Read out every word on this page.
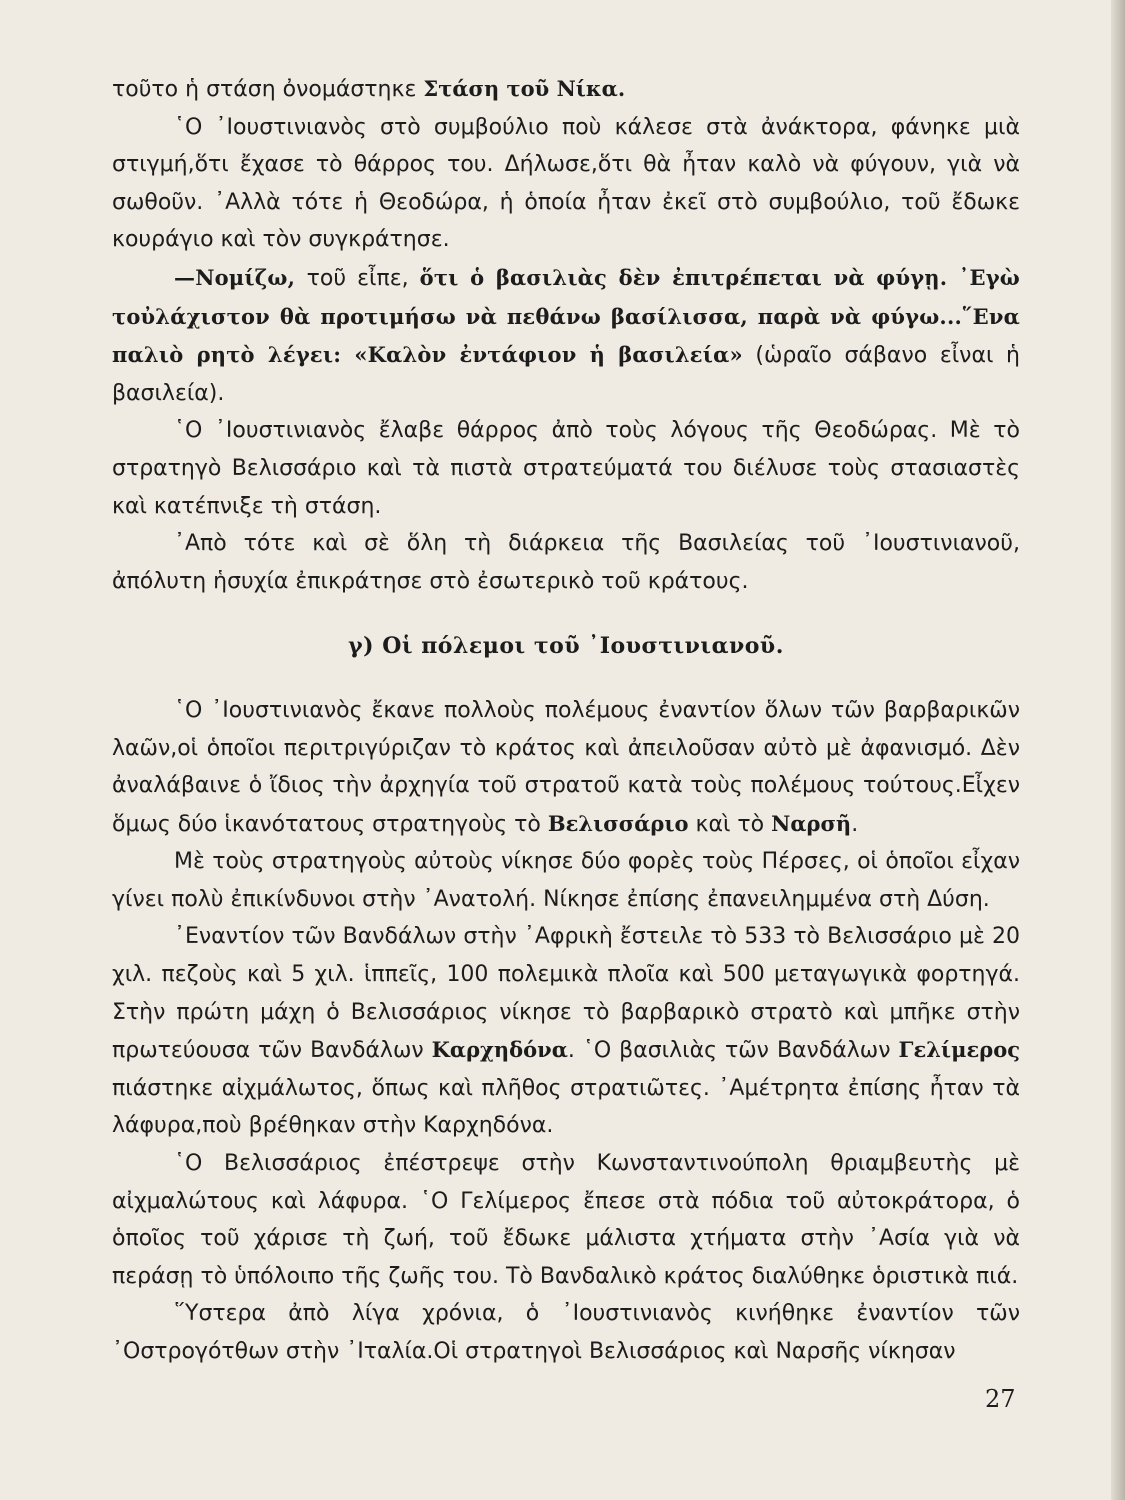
τοῦτο ἡ στάση ὀνομάστηκε Στάση τοῦ Νίκα.

῾Ο ᾿Ιουστινιανὸς στὸ συμβούλιο ποὺ κάλεσε στὰ ἀνάκτορα, φάνηκε μιὰ στιγμή,ὅτι ἔχασε τὸ θάρρος του. Δήλωσε,ὅτι θὰ ἦταν καλὸ νὰ φύγουν, γιὰ νὰ σωθοῦν. ᾿Αλλὰ τότε ἡ Θεοδώρα, ἡ ὁποία ἦταν ἐκεῖ στὸ συμβούλιο, τοῦ ἔδωκε κουράγιο καὶ τὸν συγκράτησε.

—Νομίζω, τοῦ εἶπε, ὅτι ὁ βασιλιὰς δὲν ἐπιτρέπεται νὰ φύγῃ. ᾿Εγὼ τοὐλάχιστον θὰ προτιμήσω νὰ πεθάνω βασίλισσα, παρὰ νὰ φύγω...῞Ενα παλιὸ ρητὸ λέγει: «Καλὸν ἐντάφιον ἡ βασιλεία» (ὡραῖο σάβανο εἶναι ἡ βασιλεία).

῾Ο ᾿Ιουστινιανὸς ἔλαβε θάρρος ἀπὸ τοὺς λόγους τῆς Θεοδώρας. Μὲ τὸ στρατηγὸ Βελισσάριο καὶ τὰ πιστὰ στρατεύματά του διέλυσε τοὺς στασιαστὲς καὶ κατέπνιξε τὴ στάση.

᾿Απὸ τότε καὶ σὲ ὅλη τὴ διάρκεια τῆς Βασιλείας τοῦ ᾿Ιουστινιανοῦ, ἀπόλυτη ἡσυχία ἐπικράτησε στὸ ἐσωτερικὸ τοῦ κράτους.

γ) Οἱ πόλεμοι τοῦ ᾿Ιουστινιανοῦ.

῾Ο ᾿Ιουστινιανὸς ἔκανε πολλοὺς πολέμους ἐναντίον ὅλων τῶν βαρβαρικῶν λαῶν,οἱ ὁποῖοι περιτριγύριζαν τὸ κράτος καὶ ἀπειλοῦσαν αὐτὸ μὲ ἀφανισμό. Δὲν ἀναλάβαινε ὁ ἴδιος τὴν ἀρχηγία τοῦ στρατοῦ κατὰ τοὺς πολέμους τούτους.Εἶχεν ὅμως δύο ἱκανότατους στρατηγοὺς τὸ Βελισσάριο καὶ τὸ Ναρσῆ.

Μὲ τοὺς στρατηγοὺς αὐτοὺς νίκησε δύο φορὲς τοὺς Πέρσες, οἱ ὁποῖοι εἶχαν γίνει πολὺ ἐπικίνδυνοι στὴν ᾿Ανατολή. Νίκησε ἐπίσης ἐπανειλημμένα στὴ Δύση.

᾿Εναντίον τῶν Βανδάλων στὴν ᾿Αφρικὴ ἔστειλε τὸ 533 τὸ Βελισσάριο μὲ 20 χιλ. πεζοὺς καὶ 5 χιλ. ἱππεῖς, 100 πολεμικὰ πλοῖα καὶ 500 μεταγωγικὰ φορτηγά. Στὴν πρώτη μάχη ὁ Βελισσάριος νίκησε τὸ βαρβαρικὸ στρατὸ καὶ μπῆκε στὴν πρωτεύουσα τῶν Βανδάλων Καρχηδόνα. ῾Ο βασιλιὰς τῶν Βανδάλων Γελίμερος πιάστηκε αἰχμάλωτος, ὅπως καὶ πλῆθος στρατιῶτες. ᾿Αμέτρητα ἐπίσης ἦταν τὰ λάφυρα,ποὺ βρέθηκαν στὴν Καρχηδόνα.

῾Ο Βελισσάριος ἐπέστρεψε στὴν Κωνσταντινούπολη θριαμβευτὴς μὲ αἰχμαλώτους καὶ λάφυρα. ῾Ο Γελίμερος ἔπεσε στὰ πόδια τοῦ αὐτοκράτορα, ὁ ὁποῖος τοῦ χάρισε τὴ ζωή, τοῦ ἔδωκε μάλιστα χτήματα στὴν ᾿Ασία γιὰ νὰ περάσῃ τὸ ὑπόλοιπο τῆς ζωῆς του. Τὸ Βανδαλικὸ κράτος διαλύθηκε ὁριστικὰ πιά.

῞Υστερα ἀπὸ λίγα χρόνια, ὁ ᾿Ιουστινιανὸς κινήθηκε ἐναντίον τῶν ᾿Οστρογότθων στὴν ᾿Ιταλία.Οἱ στρατηγοὶ Βελισσάριος καὶ Ναρσῆς νίκησαν

27
